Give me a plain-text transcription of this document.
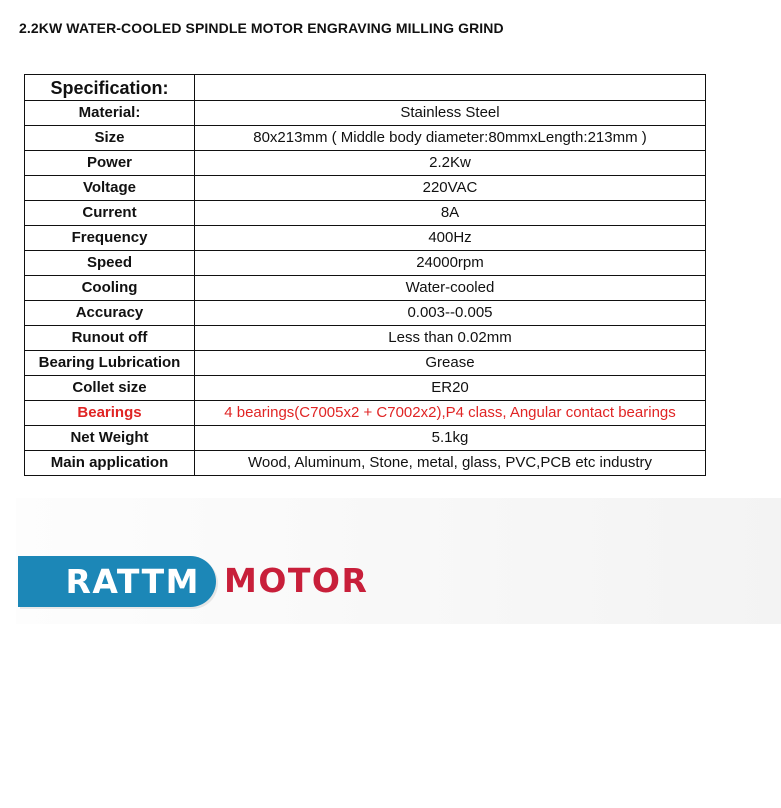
2.2KW WATER-COOLED SPINDLE MOTOR ENGRAVING MILLING GRIND
Specification:	
Material:	Stainless Steel
Size	80x213mm ( Middle body diameter:80mmxLength:213mm )
Power	2.2Kw
Voltage	220VAC
Current	8A
Frequency	400Hz
Speed	24000rpm
Cooling	Water-cooled
Accuracy	0.003--0.005
Runout off	Less than 0.02mm
Bearing Lubrication	Grease
Collet size	ER20
Bearings	4 bearings(C7005x2 + C7002x2),P4 class, Angular contact bearings
Net Weight	5.1kg
Main application	Wood, Aluminum, Stone, metal, glass, PVC,PCB etc industry
RATTM MOTOR
